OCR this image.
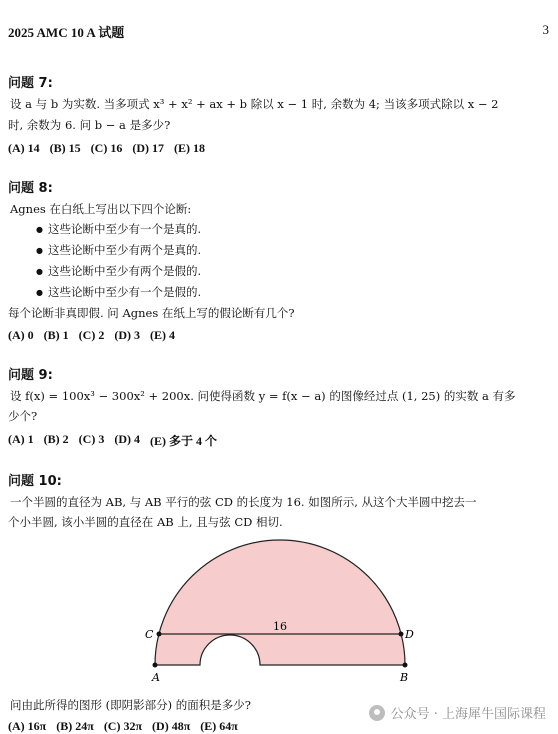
2025 AMC 10 A 试题	3
问题 7:
设 a 与 b 为实数. 当多项式 x³ + x² + ax + b 除以 x − 1 时, 余数为 4; 当该多项式除以 x − 2
时, 余数为 6. 问 b − a 是多少?
(A) 14 (B) 15 (C) 16 (D) 17 (E) 18
问题 8:
Agnes 在白纸上写出以下四个论断:
● 这些论断中至少有一个是真的.
● 这些论断中至少有两个是真的.
● 这些论断中至少有两个是假的.
● 这些论断中至少有一个是假的.
每个论断非真即假. 问 Agnes 在纸上写的假论断有几个?
(A) 0 (B) 1 (C) 2 (D) 3 (E) 4
问题 9:
设 f(x) = 100x³ − 300x² + 200x. 问使得函数 y = f(x − a) 的图像经过点 (1, 25) 的实数 a 有多
少个?
(A) 1 (B) 2 (C) 3 (D) 4 (E) 多于 4 个
问题 10:
一个半圆的直径为 AB, 与 AB 平行的弦 CD 的长度为 16. 如图所示, 从这个大半圆中挖去一
个小半圆, 该小半圆的直径在 AB 上, 且与弦 CD 相切.
A	B
C	D
16
问由此所得的图形 (即阴影部分) 的面积是多少?
(A) 16π (B) 24π (C) 32π (D) 48π (E) 64π
公众号 · 上海犀牛国际课程
